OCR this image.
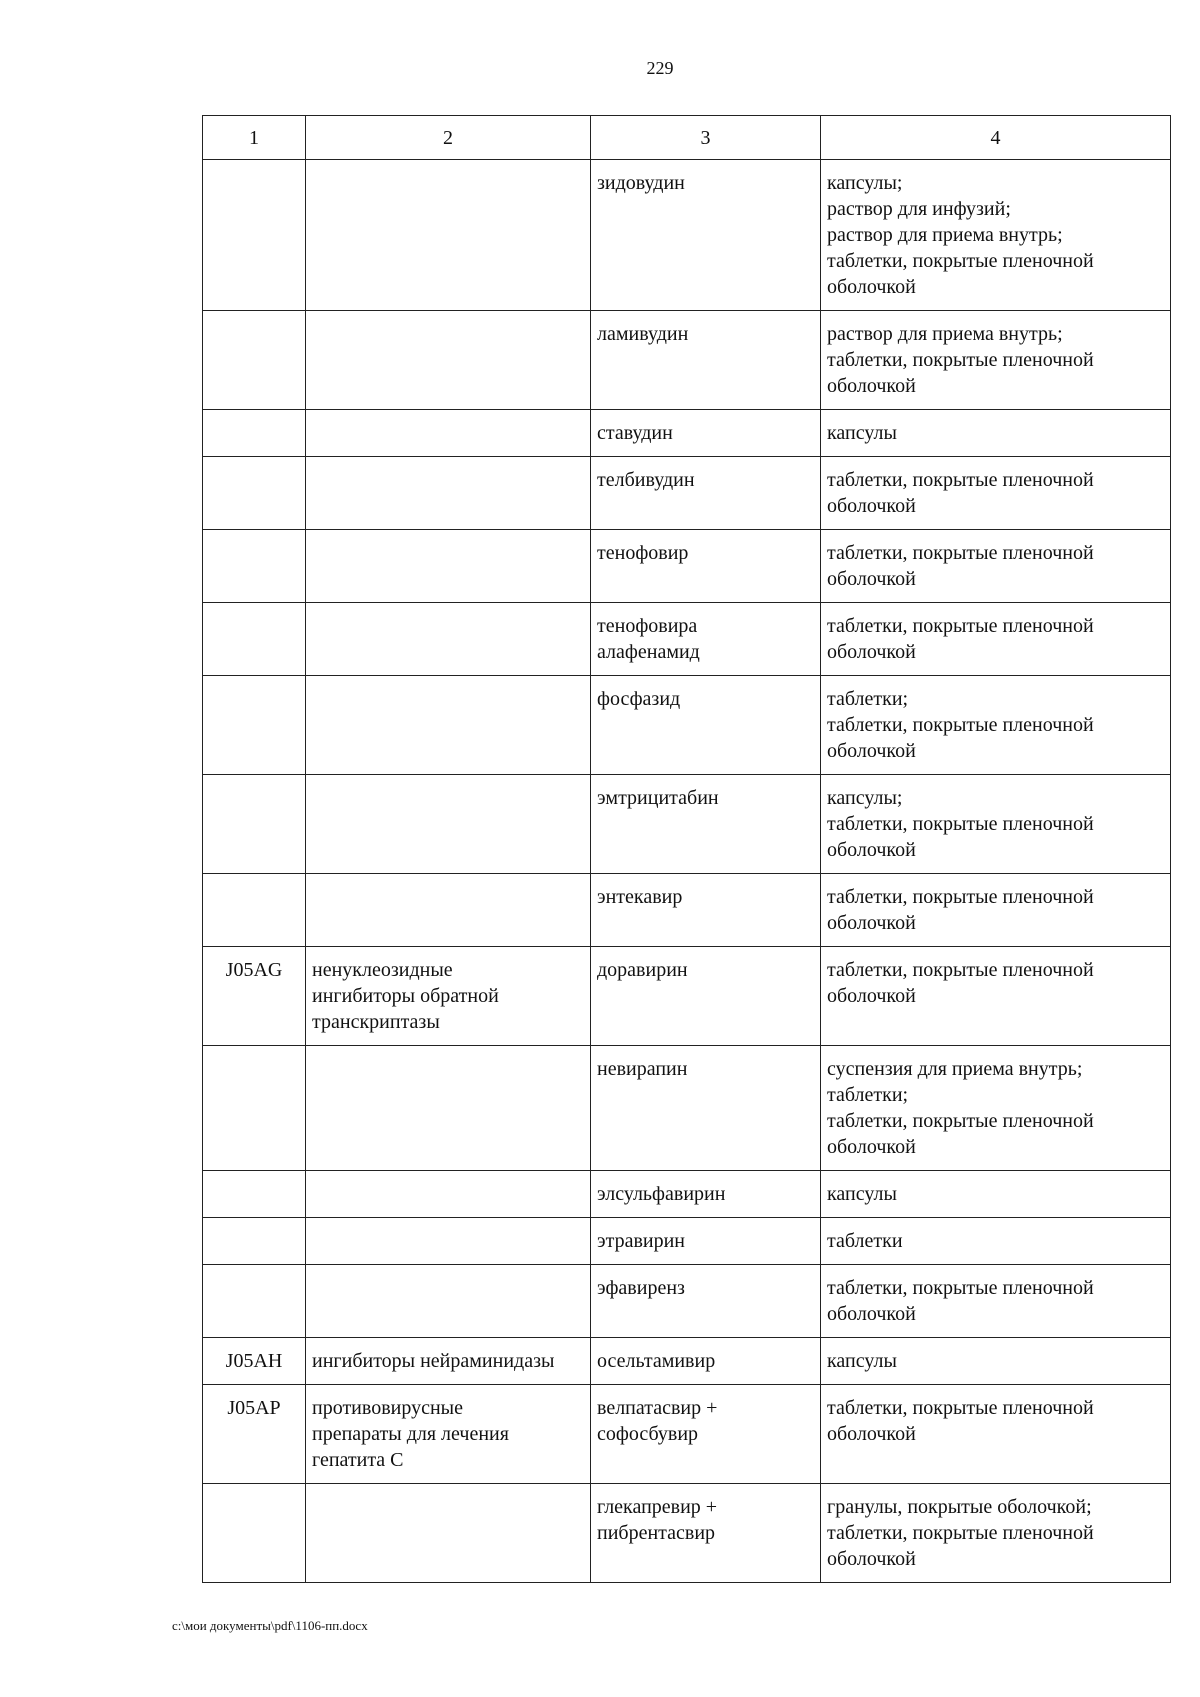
229
1	2	3	4

		зидовудин	капсулы;
раствор для инфузий;
раствор для приема внутрь;
таблетки, покрытые пленочной
оболочкой

		ламивудин	раствор для приема внутрь;
таблетки, покрытые пленочной
оболочкой

		ставудин	капсулы

		телбивудин	таблетки, покрытые пленочной
оболочкой

		тенофовир	таблетки, покрытые пленочной
оболочкой

		тенофовира
алафенамид	таблетки, покрытые пленочной
оболочкой

		фосфазид	таблетки;
таблетки, покрытые пленочной
оболочкой

		эмтрицитабин	капсулы;
таблетки, покрытые пленочной
оболочкой

		энтекавир	таблетки, покрытые пленочной
оболочкой

J05AG	ненуклеозидные
ингибиторы обратной
транскриптазы	доравирин	таблетки, покрытые пленочной
оболочкой

		невирапин	суспензия для приема внутрь;
таблетки;
таблетки, покрытые пленочной
оболочкой

		элсульфавирин	капсулы

		этравирин	таблетки

		эфавиренз	таблетки, покрытые пленочной
оболочкой

J05AH	ингибиторы нейраминидазы	осельтамивир	капсулы

J05AP	противовирусные
препараты для лечения
гепатита С	велпатасвир +
софосбувир	таблетки, покрытые пленочной
оболочкой

		глекапревир +
пибрентасвир	гранулы, покрытые оболочкой;
таблетки, покрытые пленочной
оболочкой
c:\мои документы\pdf\1106-пп.docx
